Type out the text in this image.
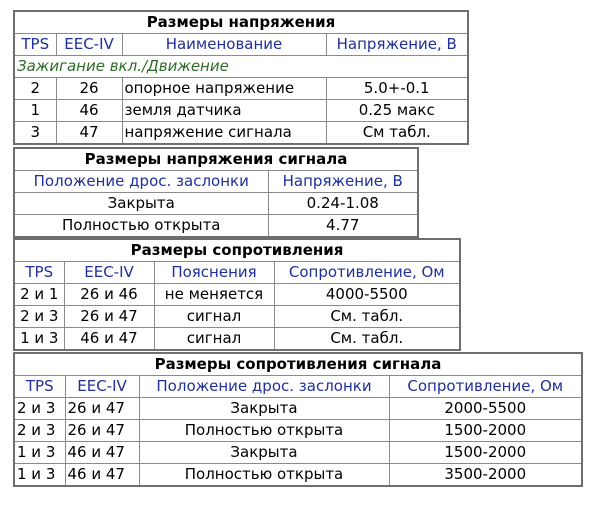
Размеры напряжения			
TPS	EEC-IV	Наименование	Напряжение, В
Зажигание вкл./Движение			
2	26	опорное напряжение	5.0+-0.1
1	46	земля датчика	0.25 макс
3	47	напряжение сигнала	См табл.
Размеры напряжения сигнала	
Положение дрос. заслонки	Напряжение, В
Закрыта	0.24-1.08
Полностью открыта	4.77
Размеры сопротивления			
TPS	EEC-IV	Пояснения	Сопротивление, Ом
2 и 1	26 и 46	не меняется	4000-5500
2 и 3	26 и 47	сигнал	См. табл.
1 и 3	46 и 47	сигнал	См. табл.
Размеры сопротивления сигнала			
TPS	EEC-IV	Положение дрос. заслонки	Сопротивление, Ом
2 и 3	26 и 47	Закрыта	2000-5500
2 и 3	26 и 47	Полностью открыта	1500-2000
1 и 3	46 и 47	Закрыта	1500-2000
1 и 3	46 и 47	Полностью открыта	3500-2000
